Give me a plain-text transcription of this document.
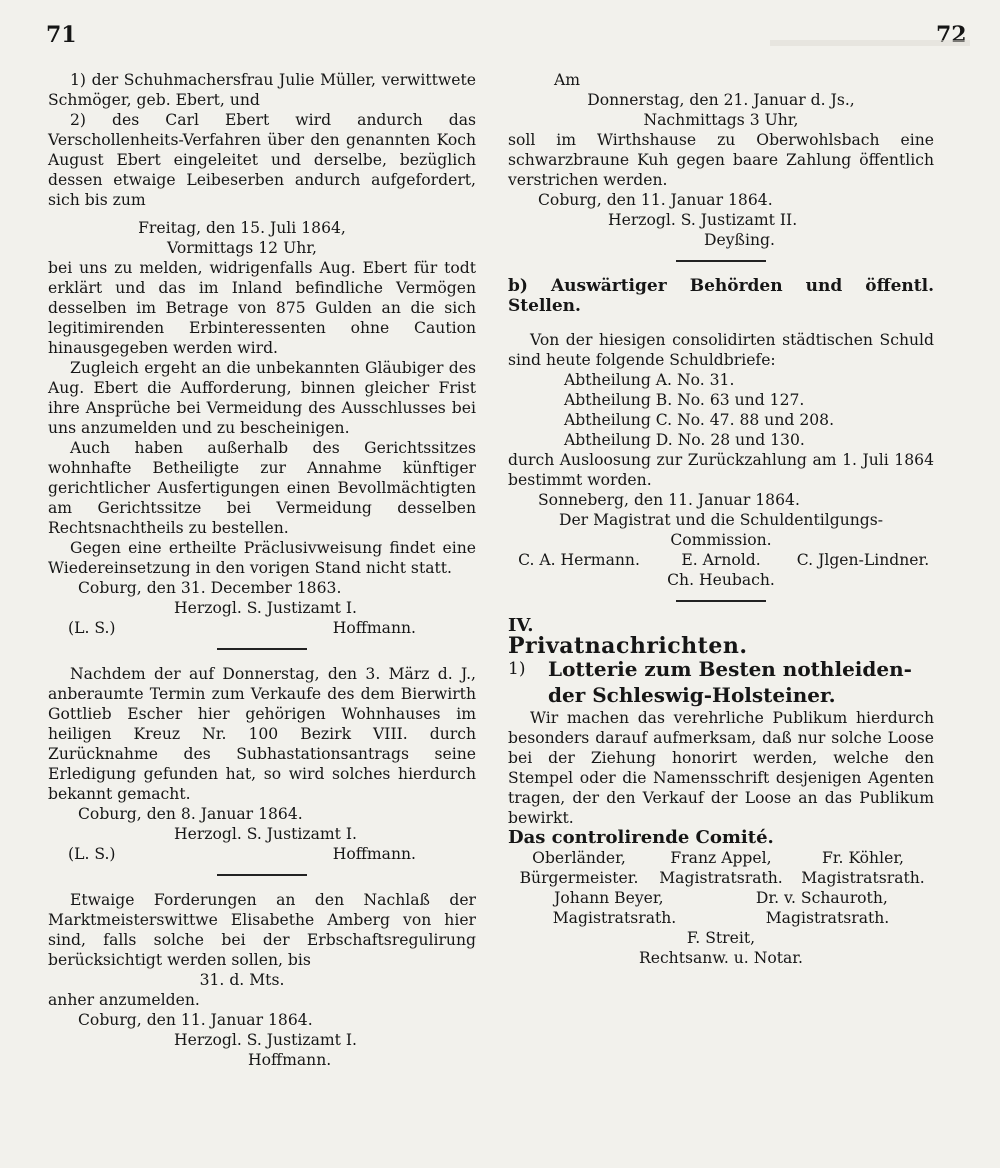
71	72

1) der Schuhmachersfrau Julie Müller, verwittwete Schmöger, geb. Ebert, und

2) des Carl Ebert wird andurch das Verschollenheits-Verfahren über den genannten Koch August Ebert eingeleitet und derselbe, bezüglich dessen etwaige Leibeserben andurch aufgefordert, sich bis zum

Freitag, den 15. Juli 1864,

Vormittags 12 Uhr,

bei uns zu melden, widrigenfalls Aug. Ebert für todt erklärt und das im Inland befindliche Vermögen desselben im Betrage von 875 Gulden an die sich legitimirenden Erbinteressenten ohne Caution hinausgegeben werden wird.

Zugleich ergeht an die unbekannten Gläubiger des Aug. Ebert die Aufforderung, binnen gleicher Frist ihre Ansprüche bei Vermeidung des Ausschlusses bei uns anzumelden und zu bescheinigen.

Auch haben außerhalb des Gerichtssitzes wohnhafte Betheiligte zur Annahme künftiger gerichtlicher Ausfertigungen einen Bevollmächtigten am Gerichtssitze bei Vermeidung desselben Rechtsnachtheils zu bestellen.

Gegen eine ertheilte Präclusivweisung findet eine Wiedereinsetzung in den vorigen Stand nicht statt.

Coburg, den 31. December 1863.

Herzogl. S. Justizamt I.

(L. S.)	Hoffmann.

Nachdem der auf Donnerstag, den 3. März d. J., anberaumte Termin zum Verkaufe des dem Bierwirth Gottlieb Escher hier gehörigen Wohnhauses im heiligen Kreuz Nr. 100 Bezirk VIII. durch Zurücknahme des Subhastationsantrags seine Erledigung gefunden hat, so wird solches hierdurch bekannt gemacht.

Coburg, den 8. Januar 1864.

Herzogl. S. Justizamt I.

(L. S.)	Hoffmann.

Etwaige Forderungen an den Nachlaß der Marktmeisterswittwe Elisabethe Amberg von hier sind, falls solche bei der Erbschaftsregulirung berücksichtigt werden sollen, bis

31. d. Mts.

anher anzumelden.

Coburg, den 11. Januar 1864.

Herzogl. S. Justizamt I.

Hoffmann.

Am

Donnerstag, den 21. Januar d. Js.,

Nachmittags 3 Uhr,

soll im Wirthshause zu Oberwohlsbach eine schwarzbraune Kuh gegen baare Zahlung öffentlich verstrichen werden.

Coburg, den 11. Januar 1864.

Herzogl. S. Justizamt II.

Deyßing.

b) Auswärtiger Behörden und öffentl. Stellen.

Von der hiesigen consolidirten städtischen Schuld sind heute folgende Schuldbriefe:

Abtheilung A. No. 31.

Abtheilung B. No. 63 und 127.

Abtheilung C. No. 47. 88 und 208.

Abtheilung D. No. 28 und 130.

durch Ausloosung zur Zurückzahlung am 1. Juli 1864 bestimmt worden.

Sonneberg, den 11. Januar 1864.

Der Magistrat und die Schuldentilgungs-

Commission.

C. A. Hermann.	E. Arnold.	C. Jlgen-Lindner.

Ch. Heubach.

IV.

Privatnachrichten.

1)	Lotterie zum Besten nothleiden-
der Schleswig-Holsteiner.

Wir machen das verehrliche Publikum hierdurch besonders darauf aufmerksam, daß nur solche Loose bei der Ziehung honorirt werden, welche den Stempel oder die Namensschrift desjenigen Agenten tragen, der den Verkauf der Loose an das Publikum bewirkt.

Das controlirende Comité.

Oberländer,	Franz Appel,	Fr. Köhler,
Bürgermeister.	Magistratsrath.	Magistratsrath.
Johann Beyer,	Dr. v. Schauroth,
Magistratsrath.	Magistratsrath.

F. Streit,

Rechtsanw. u. Notar.
